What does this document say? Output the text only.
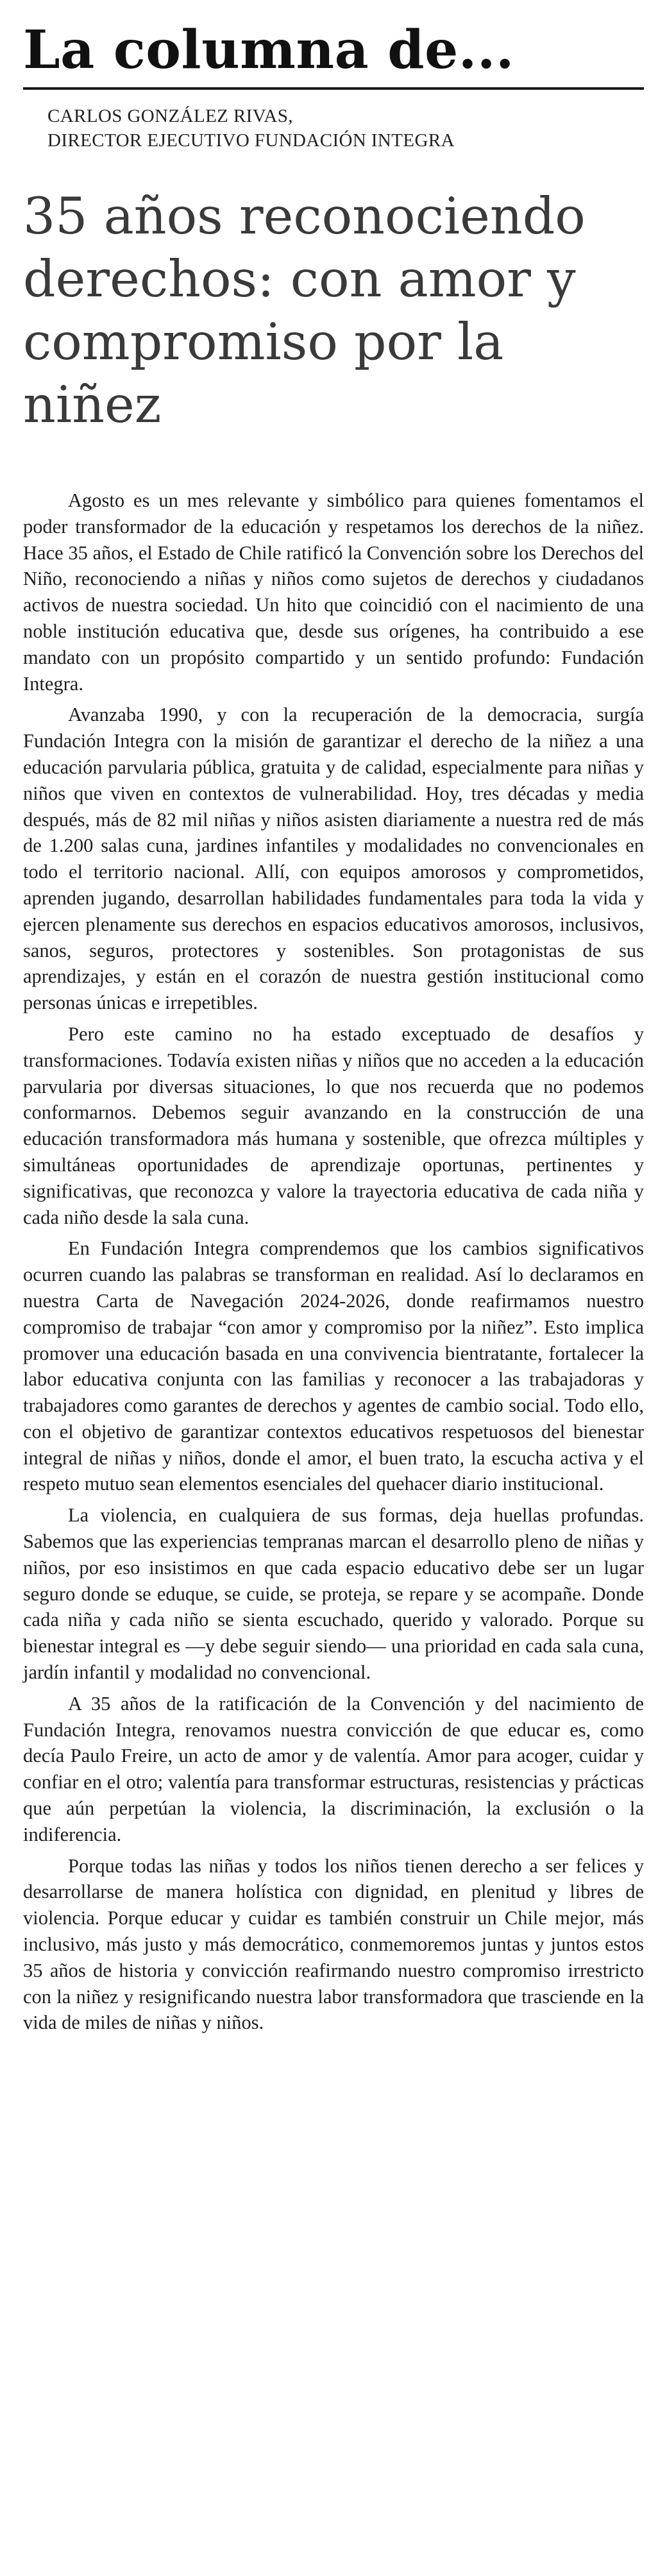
La columna de...
CARLOS GONZÁLEZ RIVAS,
DIRECTOR EJECUTIVO FUNDACIÓN INTEGRA
35 años reconociendo derechos: con amor y compromiso por la niñez

Agosto es un mes relevante y simbólico para quienes fomentamos el poder transformador de la educación y respetamos los derechos de la niñez. Hace 35 años, el Estado de Chile ratificó la Convención sobre los Derechos del Niño, reconociendo a niñas y niños como sujetos de derechos y ciudadanos activos de nuestra sociedad. Un hito que coincidió con el nacimiento de una noble institución educativa que, desde sus orígenes, ha contribuido a ese mandato con un propósito compartido y un sentido profundo: Fundación Integra.

Avanzaba 1990, y con la recuperación de la democracia, surgía Fundación Integra con la misión de garantizar el derecho de la niñez a una educación parvularia pública, gratuita y de calidad, especialmente para niñas y niños que viven en contextos de vulnerabilidad. Hoy, tres décadas y media después, más de 82 mil niñas y niños asisten diariamente a nuestra red de más de 1.200 salas cuna, jardines infantiles y modalidades no convencionales en todo el territorio nacional. Allí, con equipos amorosos y comprometidos, aprenden jugando, desarrollan habilidades fundamentales para toda la vida y ejercen plenamente sus derechos en espacios educativos amorosos, inclusivos, sanos, seguros, protectores y sostenibles. Son protagonistas de sus aprendizajes, y están en el corazón de nuestra gestión institucional como personas únicas e irrepetibles.

Pero este camino no ha estado exceptuado de desafíos y transformaciones. Todavía existen niñas y niños que no acceden a la educación parvularia por diversas situaciones, lo que nos recuerda que no podemos conformarnos. Debemos seguir avanzando en la construcción de una educación transformadora más humana y sostenible, que ofrezca múltiples y simultáneas oportunidades de aprendizaje oportunas, pertinentes y significativas, que reconozca y valore la trayectoria educativa de cada niña y cada niño desde la sala cuna.

En Fundación Integra comprendemos que los cambios significativos ocurren cuando las palabras se transforman en realidad. Así lo declaramos en nuestra Carta de Navegación 2024-2026, donde reafirmamos nuestro compromiso de trabajar “con amor y compromiso por la niñez”. Esto implica promover una educación basada en una convivencia bientratante, fortalecer la labor educativa conjunta con las familias y reconocer a las trabajadoras y trabajadores como garantes de derechos y agentes de cambio social. Todo ello, con el objetivo de garantizar contextos educativos respetuosos del bienestar integral de niñas y niños, donde el amor, el buen trato, la escucha activa y el respeto mutuo sean elementos esenciales del quehacer diario institucional.

La violencia, en cualquiera de sus formas, deja huellas profundas. Sabemos que las experiencias tempranas marcan el desarrollo pleno de niñas y niños, por eso insistimos en que cada espacio educativo debe ser un lugar seguro donde se eduque, se cuide, se proteja, se repare y se acompañe. Donde cada niña y cada niño se sienta escuchado, querido y valorado. Porque su bienestar integral es —y debe seguir siendo— una prioridad en cada sala cuna, jardín infantil y modalidad no convencional.

A 35 años de la ratificación de la Convención y del nacimiento de Fundación Integra, renovamos nuestra convicción de que educar es, como decía Paulo Freire, un acto de amor y de valentía. Amor para acoger, cuidar y confiar en el otro; valentía para transformar estructuras, resistencias y prácticas que aún perpetúan la violencia, la discriminación, la exclusión o la indiferencia.

Porque todas las niñas y todos los niños tienen derecho a ser felices y desarrollarse de manera holística con dignidad, en plenitud y libres de violencia. Porque educar y cuidar es también construir un Chile mejor, más inclusivo, más justo y más democrático, conmemoremos juntas y juntos estos 35 años de historia y convicción reafirmando nuestro compromiso irrestricto con la niñez y resignificando nuestra labor transformadora que trasciende en la vida de miles de niñas y niños.
